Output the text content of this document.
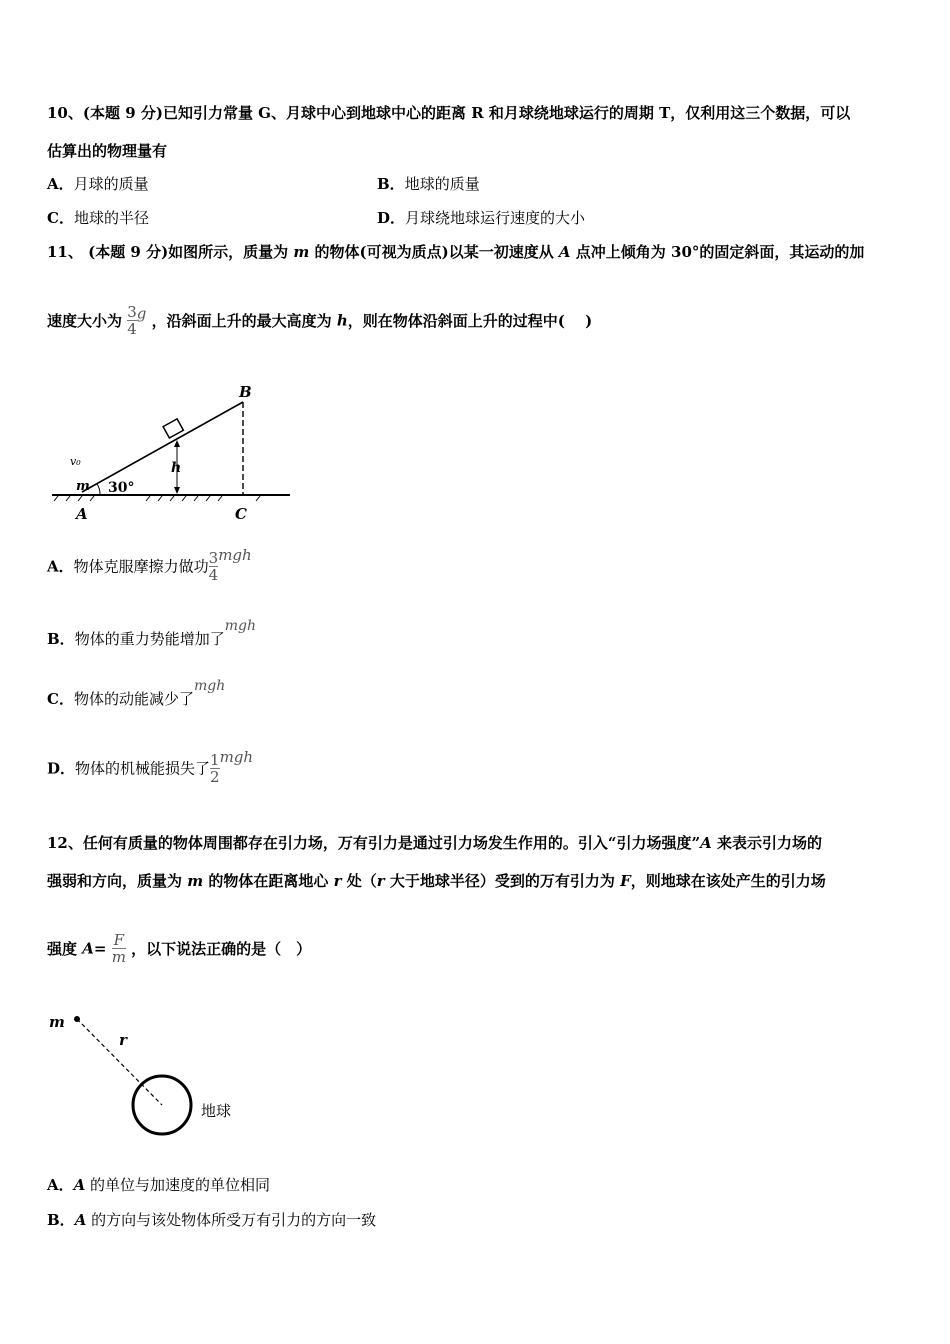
10、(本题 9 分)已知引力常量 G、月球中心到地球中心的距离 R 和月球绕地球运行的周期 T，仅利用这三个数据，可以
估算出的物理量有
A．月球的质量	B．地球的质量
C．地球的半径	D．月球绕地球运行速度的大小
11、 (本题 9 分)如图所示，质量为 m 的物体(可视为质点)以某一初速度从 A 点冲上倾角为 30°的固定斜面，其运动的加
速度大小为 $\frac{3}{4}$ g ，沿斜面上升的最大高度为 h，则在物体沿斜面上升的过程中(　 )
h
30°
m
v₀
A
B
C
A．物体克服摩擦力做功 $\frac{3}{4}$ mgh
B．物体的重力势能增加了mgh
C．物体的动能减少了mgh
D．物体的机械能损失了 $\frac{1}{2}$ mgh
12、任何有质量的物体周围都存在引力场，万有引力是通过引力场发生作用的。引入“引力场强度”A 来表示引力场的
强弱和方向，质量为 m 的物体在距离地心 r 处（r 大于地球半径）受到的万有引力为 F，则地球在该处产生的引力场
强度 $A= \frac{F}{m}$ ，以下说法正确的是（　）
m
r
地球
A．A 的单位与加速度的单位相同
B．A 的方向与该处物体所受万有引力的方向一致
